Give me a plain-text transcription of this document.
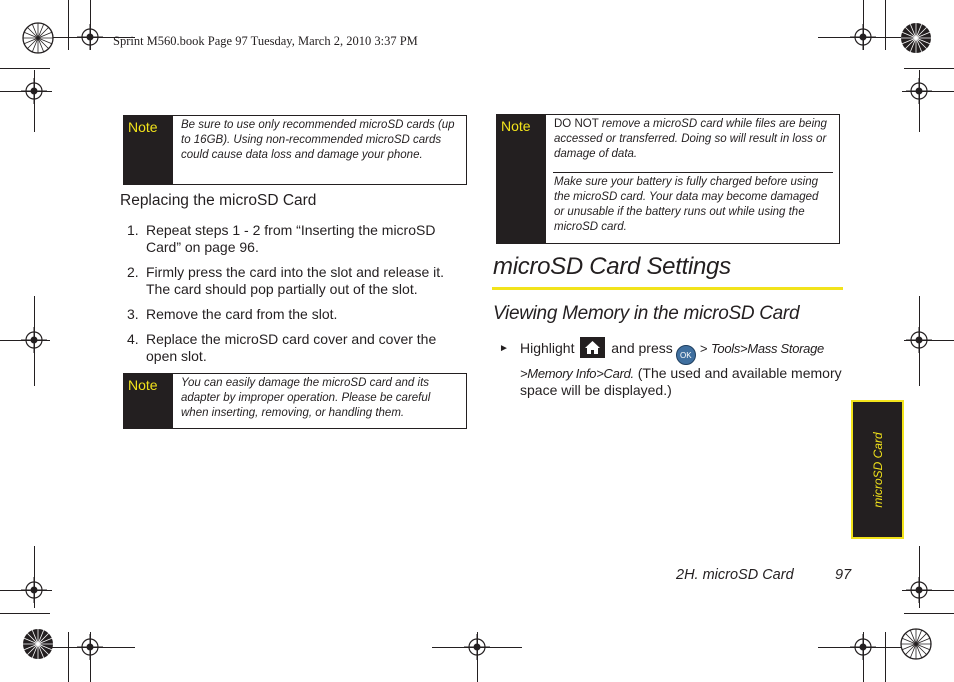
Sprint M560.book Page 97 Tuesday, March 2, 2010 3:37 PM
Note Be sure to use only recommended microSD cards (up to 16GB). Using non-recommended microSD cards could cause data loss and damage your phone.
Replacing the microSD Card
1. Repeat steps 1 - 2 from “Inserting the microSD Card” on page 96.
2. Firmly press the card into the slot and release it. The card should pop partially out of the slot.
3. Remove the card from the slot.
4. Replace the microSD card cover and cover the open slot.
Note You can easily damage the microSD card and its adapter by improper operation. Please be careful when inserting, removing, or handling them.
Note DO NOT remove a microSD card while files are being accessed or transferred. Doing so will result in loss or damage of data.
Make sure your battery is fully charged before using the microSD card. Your data may become damaged or unusable if the battery runs out while using the microSD card.
microSD Card Settings
Viewing Memory in the microSD Card
► Highlight	and press OK > Tools>Mass Storage
>Memory Info>Card. (The used and available memory space will be displayed.)
microSD Card
2H. microSD Card	97
